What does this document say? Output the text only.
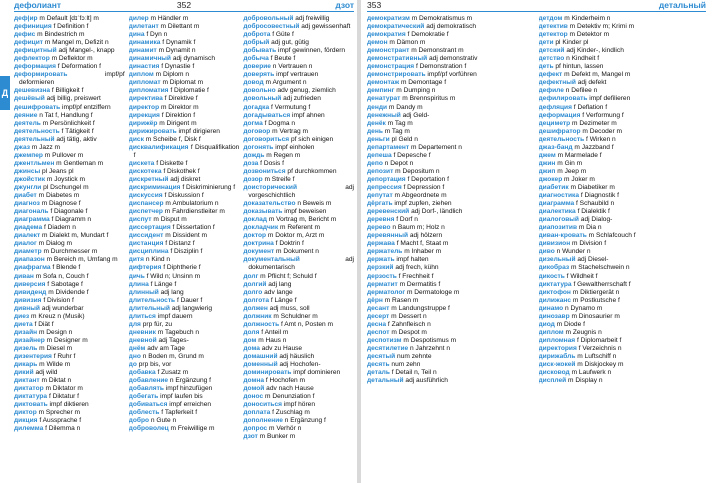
дефолиант	352	дзот

деф|ир m Default [dɪˈfɔːlt] m

дефиниция f Definition f

дефис m Bindestrich m

дефицит m Mangel m, Defizit n

дефицитный adj Mangel-, knapp

дефлектор m Deflektor m

деформация f Deformation f

деформировать impf/pf deformieren

дешевизна f Billigkeit f

дешёвый adj billig, preiswert

дешифровать impf/pf entziffern

деяние n Tat f, Handlung f

деятель m Persönlichkeit f

деятельность f Tätigkeit f

деятельный adj tätig, aktiv

джаз m Jazz m

джемпер m Pullover m

джентльмен m Gentleman m

джинсы pl Jeans pl

джойстик m Joystick m

джунгли pl Dschungel m

диабет m Diabetes m

диагноз m Diagnose f

диагональ f Diagonale f

диаграмма f Diagramm n

диадема f Diadem n

диалект m Dialekt m, Mundart f

диалог m Dialog m

диаметр m Durchmesser m

диапазон m Bereich m, Umfang m

диафрагма f Blende f

диван m Sofa n, Couch f

диверсия f Sabotage f

дивиденд m Dividende f

дивизия f Division f

дивный adj wunderbar

диез m Kreuz n (Musik)

диета f Diät f

дизайн m Design n

дизайнер m Designer m

дизель m Diesel m

дизентерия f Ruhr f

дикарь m Wilde m

дикий adj wild

диктант m Diktat n

диктатор m Diktator m

диктатура f Diktatur f

диктовать impf diktieren

диктор m Sprecher m

дикция f Aussprache f

дилемма f Dilemma n

дилер m Händler m

дилетант m Dilettant m

дина f Dyn n

динамика f Dynamik f

динамит m Dynamit n

динамичный adj dynamisch

династия f Dynastie f

диплом m Diplom n

дипломат m Diplomat m

дипломатия f Diplomatie f

директива f Direktive f

директор m Direktor m

дирекция f Direktion f

дирижёр m Dirigent m

дирижировать impf dirigieren

диск m Scheibe f, Disk f

дисквалификация f Disqualifikation f

дискета f Diskette f

дискотека f Diskothek f

дискретный adj diskret

дискриминация f Diskriminierung f

дискуссия f Diskussion f

диспансер m Ambulatorium n

диспетчер m Fahrdienstleiter m

диспут m Disput m

диссертация f Dissertation f

диссидент m Dissident m

дистанция f Distanz f

дисциплина f Disziplin f

дитя n Kind n

дифтерия f Diphtherie f

дичь f Wild n; Unsinn m

длина f Länge f

длинный adj lang

длительность f Dauer f

длительный adj langwierig

длиться impf dauern

для prp für, zu

дневник m Tagebuch n

дневной adj Tages-

днём adv am Tage

дно n Boden m, Grund m

до prp bis, vor

добавка f Zusatz m

добавление n Ergänzung f

добавлять impf hinzufügen

добегать impf laufen bis

добиваться impf erreichen

доблесть f Tapferkeit f

добро n Gute n

доброволец m Freiwillige m

добровольный adj freiwillig

добросовестный adj gewissenhaft

доброта f Güte f

добрый adj gut, gütig

добывать impf gewinnen, fördern

добыча f Beute f

доверие n Vertrauen n

доверять impf vertrauen

довод m Argument n

довольно adv genug, ziemlich

довольный adj zufrieden

догадка f Vermutung f

догадываться impf ahnen

догма f Dogma n

договор m Vertrag m

договориться pf sich einigen

догонять impf einholen

дождь m Regen m

доза f Dosis f

дозвониться pf durchkommen

дозор m Streife f

доисторический adj vorgeschichtlich

доказательство n Beweis m

доказывать impf beweisen

доклад m Vortrag m, Bericht m

докладчик m Referent m

доктор m Doktor m, Arzt m

доктрина f Doktrin f

документ m Dokument n

документальный adj dokumentarisch

долг m Pflicht f; Schuld f

долгий adj lang

долго adv lange

долгота f Länge f

должен adj muss, soll

должник m Schuldner m

должность f Amt n, Posten m

доля f Anteil m

дом m Haus n

дома adv zu Hause

домашний adj häuslich

доменный adj Hochofen-

доминировать impf dominieren

домна f Hochofen m

домой adv nach Hause

донос m Denunziation f

доноситься impf hören

доплата f Zuschlag m

дополнение n Ergänzung f

допрос m Verhör n

дзот m Bunker m

Д
353	детальный

демократизм m Demokratismus m

демократический adj demokratisch

демократия f Demokratie f

демон m Dämon m

демонстрант m Demonstrant m

демонстративный adj demonstrativ

демонстрация f Demonstration f

демонстрировать impf/pf vorführen

демонтаж m Demontage f

демпинг m Dumping n

денатурат m Brennspiritus m

денди m Dandy m

денежный adj Geld-

денёк m Tag m

день m Tag m

деньги pl Geld n

департамент m Departement n

депеша f Depesche f

депо n Depot n

депозит m Depositum n

депортация f Deportation f

депрессия f Depression f

депутат m Abgeordnete m

дёргать impf zupfen, ziehen

деревенский adj Dorf-, ländlich

деревня f Dorf n

дерево n Baum m; Holz n

деревянный adj hölzern

держава f Macht f, Staat m

держатель m Inhaber m

держать impf halten

дерзкий adj frech, kühn

дерзость f Frechheit f

дерматит m Dermatitis f

дерматолог m Dermatologe m

дёрн m Rasen m

десант m Landungstruppe f

десерт m Dessert n

десна f Zahnfleisch n

деспот m Despot m

деспотизм m Despotismus m

десятилетие n Jahrzehnt n

десятый num zehnte

десять num zehn

деталь f Detail n, Teil n

детальный adj ausführlich

детдом m Kinderheim n

детектив m Detektiv m; Krimi m

детектор m Detektor m

дети pl Kinder pl

детский adj Kinder-, kindlich

детство n Kindheit f

деть pf hintun, lassen

дефект m Defekt m, Mangel m

дефектный adj defekt

дефиле n Defilee n

дефилировать impf defilieren

дефляция f Deflation f

деформация f Verformung f

дециметр m Dezimeter m

дешифратор m Decoder m

деятельность f Wirken n

джаз-банд m Jazzband f

джем m Marmelade f

джин m Gin m

джип m Jeep m

джокер m Joker m

диабетик m Diabetiker m

диагностика f Diagnostik f

диаграмма f Schaubild n

диалектика f Dialektik f

диалоговый adj Dialog-

диапозитив m Dia n

диван-кровать m Schlafcouch f

дивизион m Division f

диво n Wunder n

дизельный adj Diesel-

дикобраз m Stachelschwein n

дикость f Wildheit f

диктатура f Gewaltherrschaft f

диктофон m Diktiergerät n

дилижанс m Postkutsche f

динамо n Dynamo m

динозавр m Dinosaurier m

диод m Diode f

диплом m Zeugnis n

дипломная f Diplomarbeit f

директория f Verzeichnis n

дирижабль m Luftschiff n

диск-жокей m Diskjockey m

дисковод m Laufwerk n

дисплей m Display n
